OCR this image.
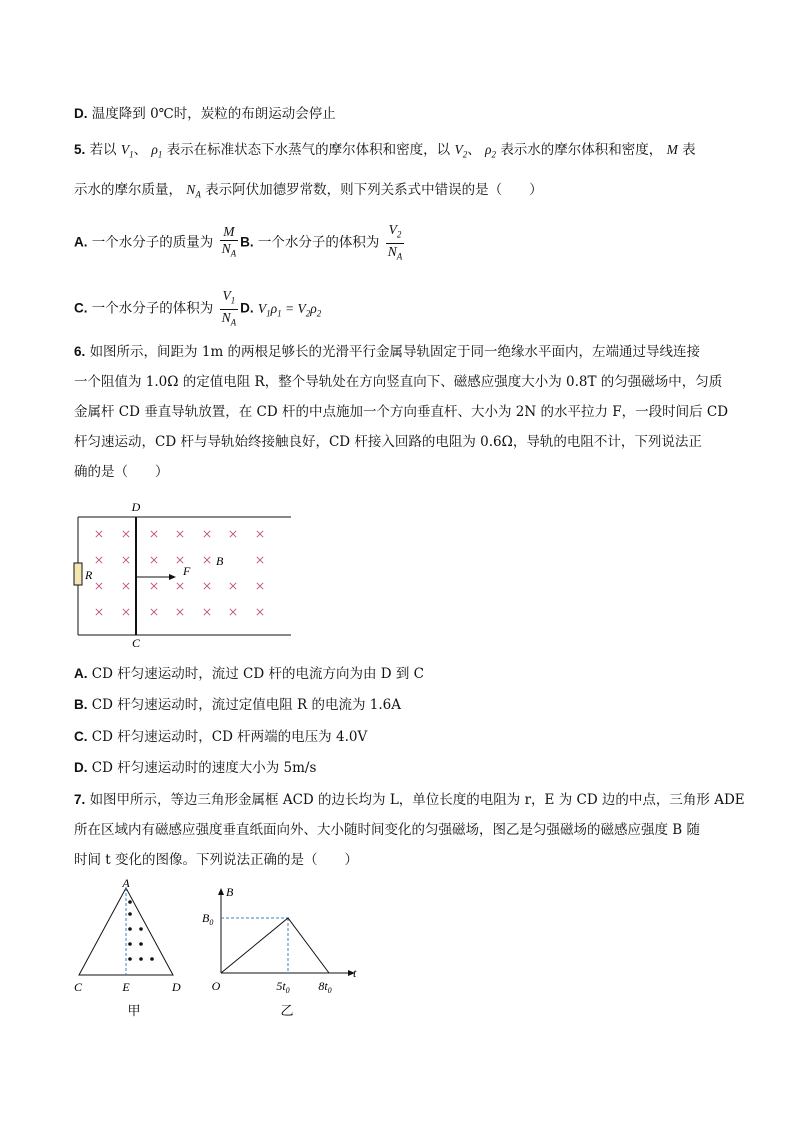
D. 温度降到 0℃时，炭粒的布朗运动会停止
5. 若以 $V_1$、 $\rho_1$ 表示在标准状态下水蒸气的摩尔体积和密度，以 $V_2$、 $\rho_2$ 表示水的摩尔体积和密度， M 表
示水的摩尔质量， $N_A$ 表示阿伏加德罗常数，则下列关系式中错误的是（　　）
A. 一个水分子的质量为 $\frac{M}{N_A} B$. 一个水分子的体积为 $\frac{V_2}{N_A}$
C. 一个水分子的体积为 $\frac{V_1}{N_A} D$. $V_1\rho_1 = V_2\rho_2$
6. 如图所示，间距为 1m 的两根足够长的光滑平行金属导轨固定于同一绝缘水平面内，左端通过导线连接
一个阻值为 1.0Ω 的定值电阻 R，整个导轨处在方向竖直向下、磁感应强度大小为 0.8T 的匀强磁场中，匀质
金属杆 CD 垂直导轨放置，在 CD 杆的中点施加一个方向垂直杆、大小为 2N 的水平拉力 F，一段时间后 CD
杆匀速运动，CD 杆与导轨始终接触良好，CD 杆接入回路的电阻为 0.6Ω，导轨的电阻不计，下列说法正
确的是（　　）
D
C
R	F
B
A. CD 杆匀速运动时，流过 CD 杆的电流方向为由 D 到 C
B. CD 杆匀速运动时，流过定值电阻 R 的电流为 1.6A
C. CD 杆匀速运动时，CD 杆两端的电压为 4.0V
D. CD 杆匀速运动时的速度大小为 5m/s
7. 如图甲所示，等边三角形金属框 ACD 的边长均为 L，单位长度的电阻为 r，E 为 CD 边的中点，三角形 ADE
所在区域内有磁感应强度垂直纸面向外、大小随时间变化的匀强磁场，图乙是匀强磁场的磁感应强度 B 随
时间 t 变化的图像。下列说法正确的是（　　）
A
C	E	D
甲
B
$B_0$
O
t
$5t_0$ $8t_0$
乙
